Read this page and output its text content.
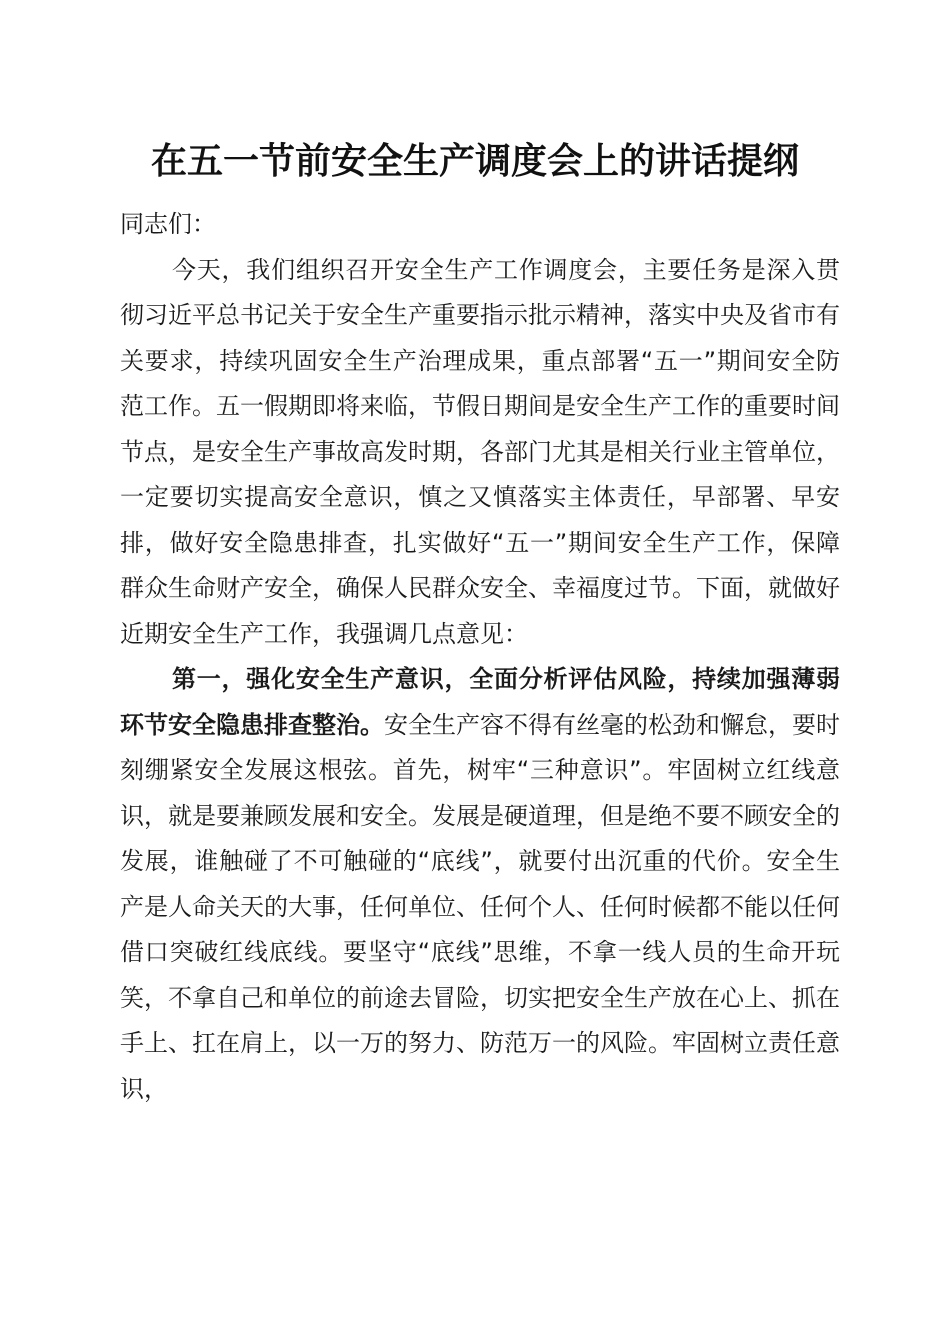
在五一节前安全生产调度会上的讲话提纲

同志们：

今天，我们组织召开安全生产工作调度会，主要任务是深入贯彻习近平总书记关于安全生产重要指示批示精神，落实中央及省市有关要求，持续巩固安全生产治理成果，重点部署“五一”期间安全防范工作。五一假期即将来临，节假日期间是安全生产工作的重要时间节点，是安全生产事故高发时期，各部门尤其是相关行业主管单位，一定要切实提高安全意识，慎之又慎落实主体责任，早部署、早安排，做好安全隐患排查，扎实做好“五一”期间安全生产工作，保障群众生命财产安全，确保人民群众安全、幸福度过节。下面，就做好近期安全生产工作，我强调几点意见：

第一，强化安全生产意识，全面分析评估风险，持续加强薄弱环节安全隐患排查整治。安全生产容不得有丝毫的松劲和懈怠，要时刻绷紧安全发展这根弦。首先，树牢“三种意识”。牢固树立红线意识，就是要兼顾发展和安全。发展是硬道理，但是绝不要不顾安全的发展，谁触碰了不可触碰的“底线”，就要付出沉重的代价。安全生产是人命关天的大事，任何单位、任何个人、任何时候都不能以任何借口突破红线底线。要坚守“底线”思维，不拿一线人员的生命开玩笑，不拿自己和单位的前途去冒险，切实把安全生产放在心上、抓在手上、扛在肩上，以一万的努力、防范万一的风险。牢固树立责任意识，
